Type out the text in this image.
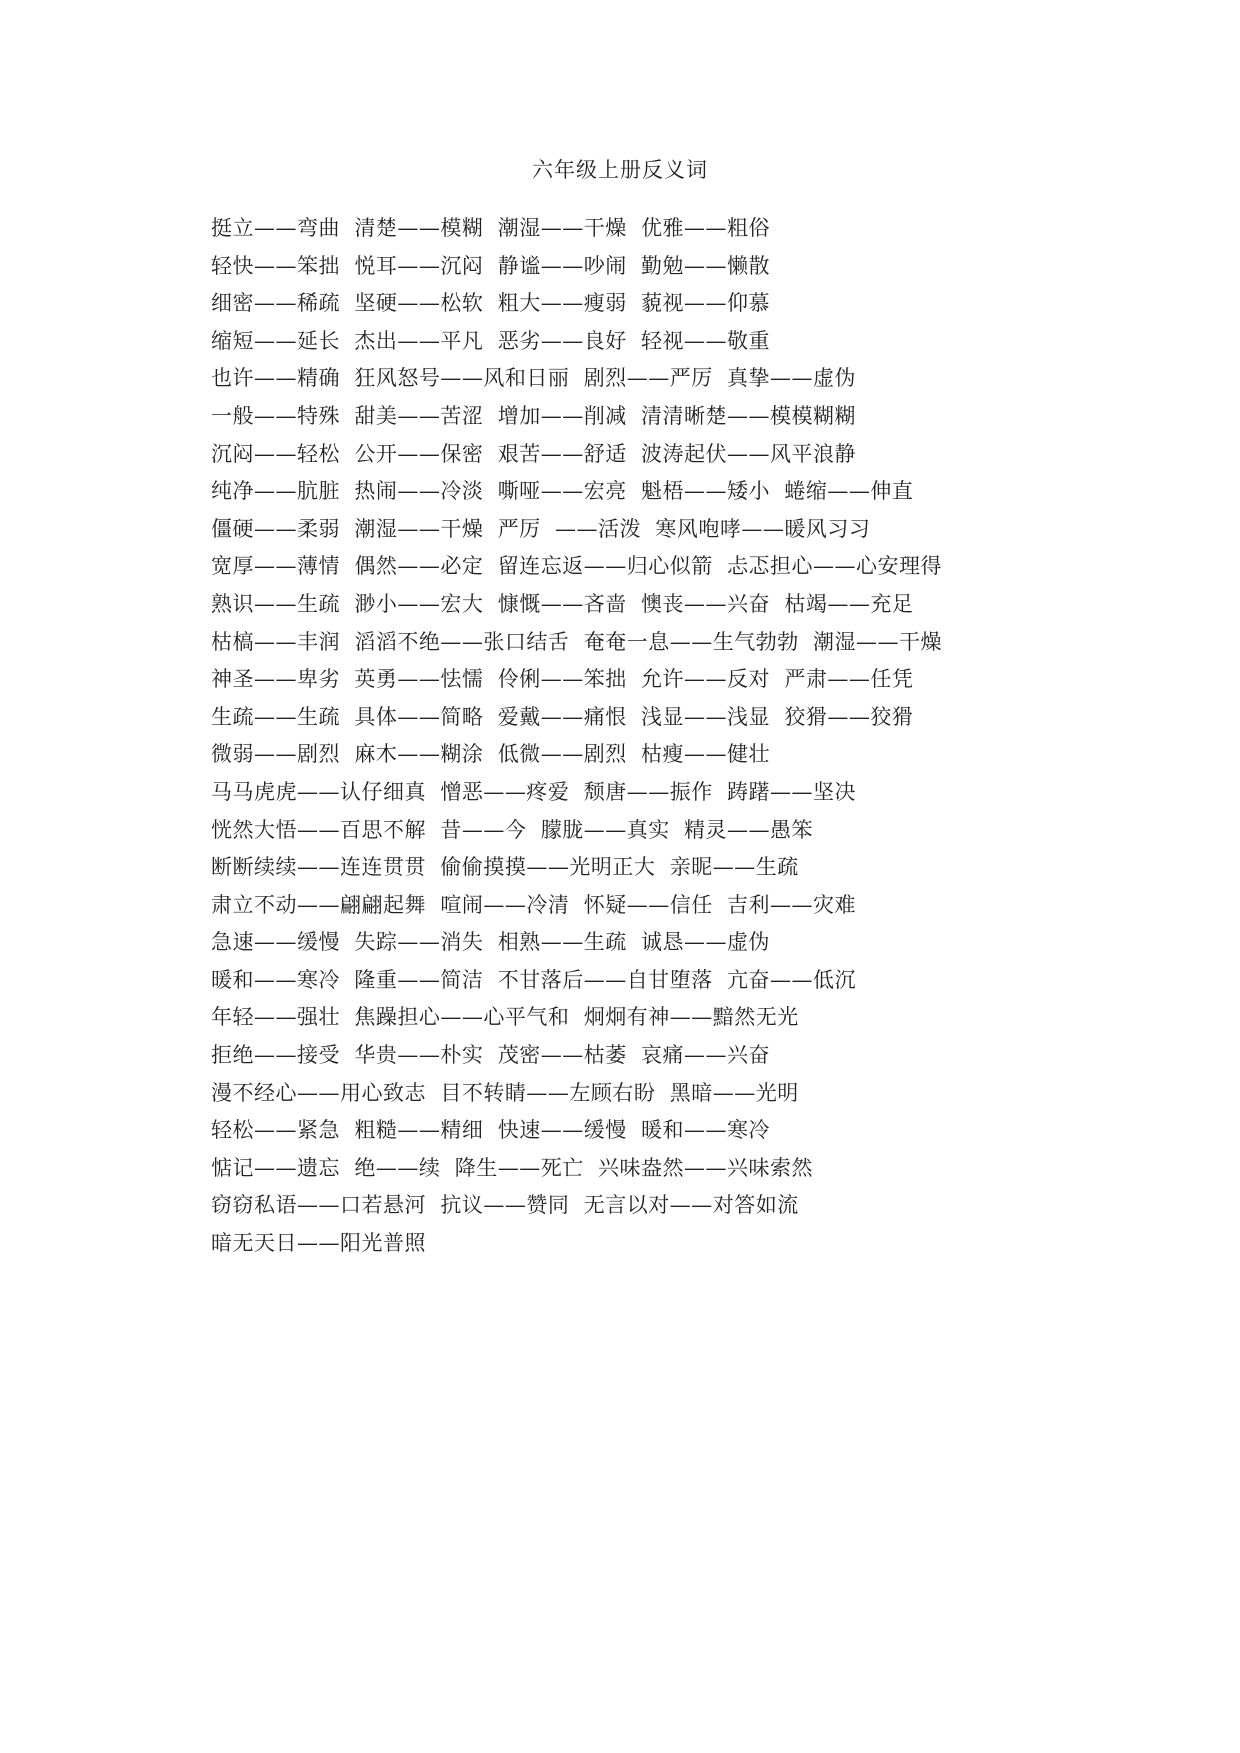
六年级上册反义词
挺立——弯曲  清楚——模糊  潮湿——干燥  优雅——粗俗
轻快——笨拙  悦耳——沉闷  静谧——吵闹  勤勉——懒散
细密——稀疏  坚硬——松软  粗大——瘦弱  藐视——仰慕
缩短——延长  杰出——平凡  恶劣——良好  轻视——敬重
也许——精确  狂风怒号——风和日丽  剧烈——严厉  真挚——虚伪
一般——特殊  甜美——苦涩  增加——削减  清清晰楚——模模糊糊
沉闷——轻松  公开——保密  艰苦——舒适  波涛起伏——风平浪静
纯净——肮脏  热闹——冷淡  嘶哑——宏亮  魁梧——矮小  蜷缩——伸直
僵硬——柔弱  潮湿——干燥  严厉  ——活泼  寒风咆哮——暖风习习
宽厚——薄情  偶然——必定  留连忘返——归心似箭  忐忑担心——心安理得
熟识——生疏  渺小——宏大  慷慨——吝啬  懊丧——兴奋  枯竭——充足
枯槁——丰润  滔滔不绝——张口结舌  奄奄一息——生气勃勃  潮湿——干燥
神圣——卑劣  英勇——怯懦  伶俐——笨拙  允许——反对  严肃——任凭
生疏——生疏  具体——简略  爱戴——痛恨  浅显——浅显  狡猾——狡猾
微弱——剧烈  麻木——糊涂  低微——剧烈  枯瘦——健壮
马马虎虎——认仔细真  憎恶——疼爱  颓唐——振作  踌躇——坚决
恍然大悟——百思不解  昔——今  朦胧——真实  精灵——愚笨
断断续续——连连贯贯  偷偷摸摸——光明正大  亲昵——生疏
肃立不动——翩翩起舞  喧闹——冷清  怀疑——信任  吉利——灾难
急速——缓慢  失踪——消失  相熟——生疏  诚恳——虚伪
暖和——寒冷  隆重——简洁  不甘落后——自甘堕落  亢奋——低沉
年轻——强壮  焦躁担心——心平气和  炯炯有神——黯然无光
拒绝——接受  华贵——朴实  茂密——枯萎  哀痛——兴奋
漫不经心——用心致志  目不转睛——左顾右盼  黑暗——光明
轻松——紧急  粗糙——精细  快速——缓慢  暖和——寒冷
惦记——遗忘  绝——续  降生——死亡  兴味盎然——兴味索然
窃窃私语——口若悬河  抗议——赞同  无言以对——对答如流
暗无天日——阳光普照
